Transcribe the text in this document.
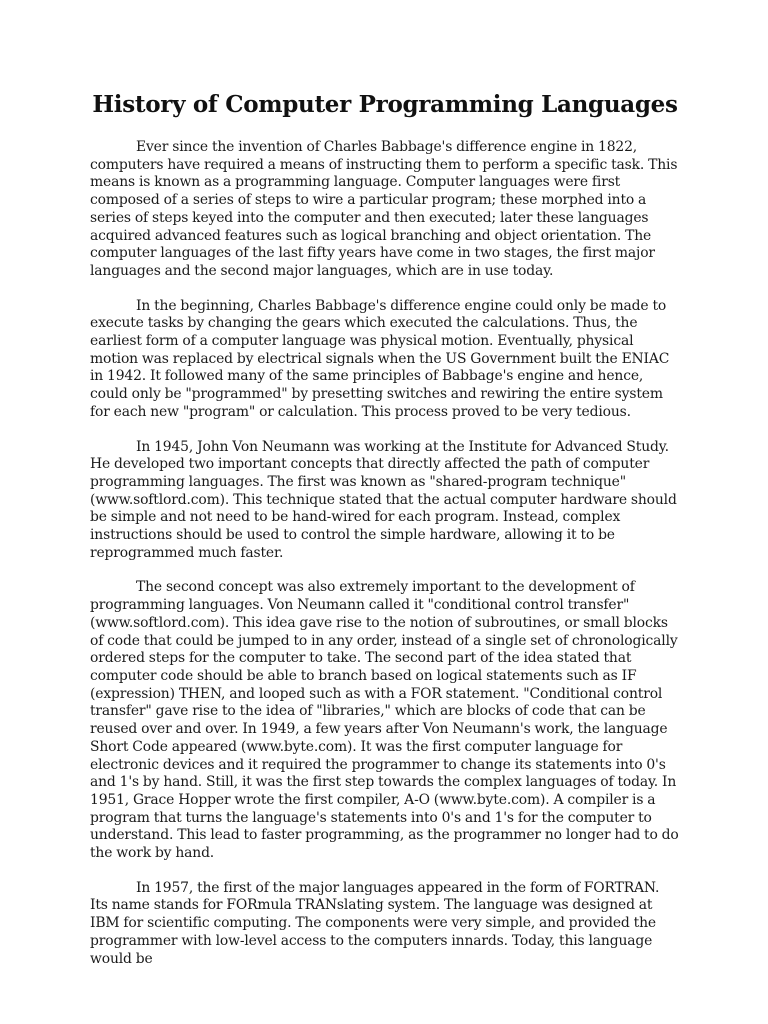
History of Computer Programming Languages

Ever since the invention of Charles Babbage's difference engine in 1822, computers have required a means of instructing them to perform a specific task. This means is known as a programming language. Computer languages were first composed of a series of steps to wire a particular program; these morphed into a series of steps keyed into the computer and then executed; later these languages acquired advanced features such as logical branching and object orientation. The computer languages of the last fifty years have come in two stages, the first major languages and the second major languages, which are in use today.

In the beginning, Charles Babbage's difference engine could only be made to execute tasks by changing the gears which executed the calculations. Thus, the earliest form of a computer language was physical motion. Eventually, physical motion was replaced by electrical signals when the US Government built the ENIAC in 1942. It followed many of the same principles of Babbage's engine and hence, could only be "programmed" by presetting switches and rewiring the entire system for each new "program" or calculation. This process proved to be very tedious.

In 1945, John Von Neumann was working at the Institute for Advanced Study. He developed two important concepts that directly affected the path of computer programming languages. The first was known as "shared-program technique" (www.softlord.com). This technique stated that the actual computer hardware should be simple and not need to be hand-wired for each program. Instead, complex instructions should be used to control the simple hardware, allowing it to be reprogrammed much faster.

The second concept was also extremely important to the development of programming languages. Von Neumann called it "conditional control transfer" (www.softlord.com). This idea gave rise to the notion of subroutines, or small blocks of code that could be jumped to in any order, instead of a single set of chronologically ordered steps for the computer to take. The second part of the idea stated that computer code should be able to branch based on logical statements such as IF (expression) THEN, and looped such as with a FOR statement. "Conditional control transfer" gave rise to the idea of "libraries," which are blocks of code that can be reused over and over. In 1949, a few years after Von Neumann's work, the language Short Code appeared (www.byte.com). It was the first computer language for electronic devices and it required the programmer to change its statements into 0's and 1's by hand. Still, it was the first step towards the complex languages of today. In 1951, Grace Hopper wrote the first compiler, A-O (www.byte.com). A compiler is a program that turns the language's statements into 0's and 1's for the computer to understand. This lead to faster programming, as the programmer no longer had to do the work by hand.

In 1957, the first of the major languages appeared in the form of FORTRAN. Its name stands for FORmula TRANslating system. The language was designed at IBM for scientific computing. The components were very simple, and provided the programmer with low-level access to the computers innards. Today, this language would be
